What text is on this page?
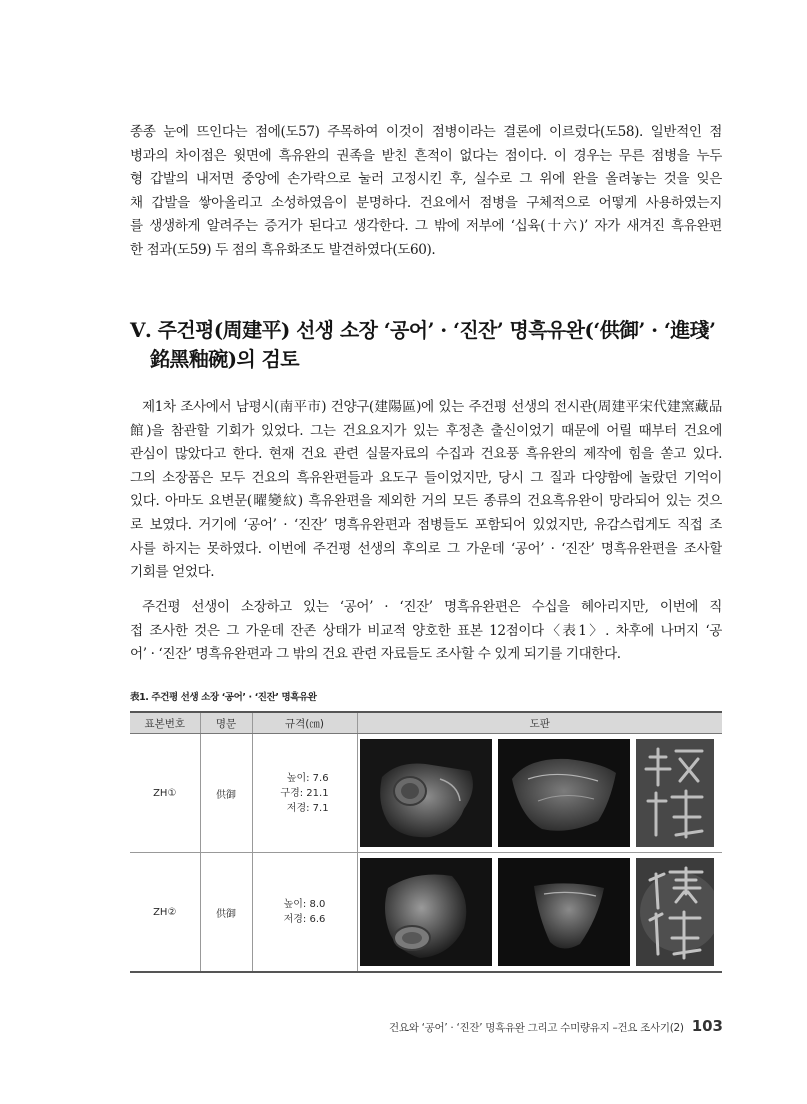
종종 눈에 뜨인다는 점에(도57) 주목하여 이것이 점병이라는 결론에 이르렀다(도58). 일반적인 점
병과의 차이점은 윗면에 흑유완의 권족을 받친 흔적이 없다는 점이다. 이 경우는 무른 점병을 누두
형 갑발의 내저면 중앙에 손가락으로 눌러 고정시킨 후, 실수로 그 위에 완을 올려놓는 것을 잊은
채 갑발을 쌓아올리고 소성하였음이 분명하다. 건요에서 점병을 구체적으로 어떻게 사용하였는지
를 생생하게 알려주는 증거가 된다고 생각한다. 그 밖에 저부에 ‘십육(十六)’ 자가 새겨진 흑유완편
한 점과(도59) 두 점의 흑유화조도 발견하였다(도60).

Ⅴ. 주건평(周建平) 선생 소장 ‘공어’ · ‘진잔’ 명흑유완(‘供御’ · ‘進琖’
銘黑釉碗)의 검토

제1차 조사에서 남평시(南平市) 건양구(建陽區)에 있는 주건평 선생의 전시관(周建平宋代建窯藏品
館)을 참관할 기회가 있었다. 그는 건요요지가 있는 후정촌 출신이었기 때문에 어릴 때부터 건요에
관심이 많았다고 한다. 현재 건요 관련 실물자료의 수집과 건요풍 흑유완의 제작에 힘을 쏟고 있다.
그의 소장품은 모두 건요의 흑유완편들과 요도구 들이었지만, 당시 그 질과 다양함에 놀랐던 기억이
있다. 아마도 요변문(曜變紋) 흑유완편을 제외한 거의 모든 종류의 건요흑유완이 망라되어 있는 것으
로 보였다. 거기에 ‘공어’ · ‘진잔’ 명흑유완편과 점병들도 포함되어 있었지만, 유감스럽게도 직접 조
사를 하지는 못하였다. 이번에 주건평 선생의 후의로 그 가운데 ‘공어’ · ‘진잔’ 명흑유완편을 조사할
기회를 얻었다.

주건평 선생이 소장하고 있는 ‘공어’ · ‘진잔’ 명흑유완편은 수십을 헤아리지만, 이번에 직
접 조사한 것은 그 가운데 잔존 상태가 비교적 양호한 표본 12점이다〈表1〉. 차후에 나머지 ‘공
어’ · ‘진잔’ 명흑유완편과 그 밖의 건요 관련 자료들도 조사할 수 있게 되기를 기대한다.

表1. 주건평 선생 소장 ‘공어’ · ‘진잔’ 명흑유완
표본번호	명문	규격(㎝)	도판
ZH①	供御	높이: 7.6
구경: 21.1
저경: 7.1

ZH②	供御	높이: 8.0
저경: 6.6

건요와 ‘공어’ · ‘진잔’ 명흑유완 그리고 수미량유지 –건요 조사기(2) 103
